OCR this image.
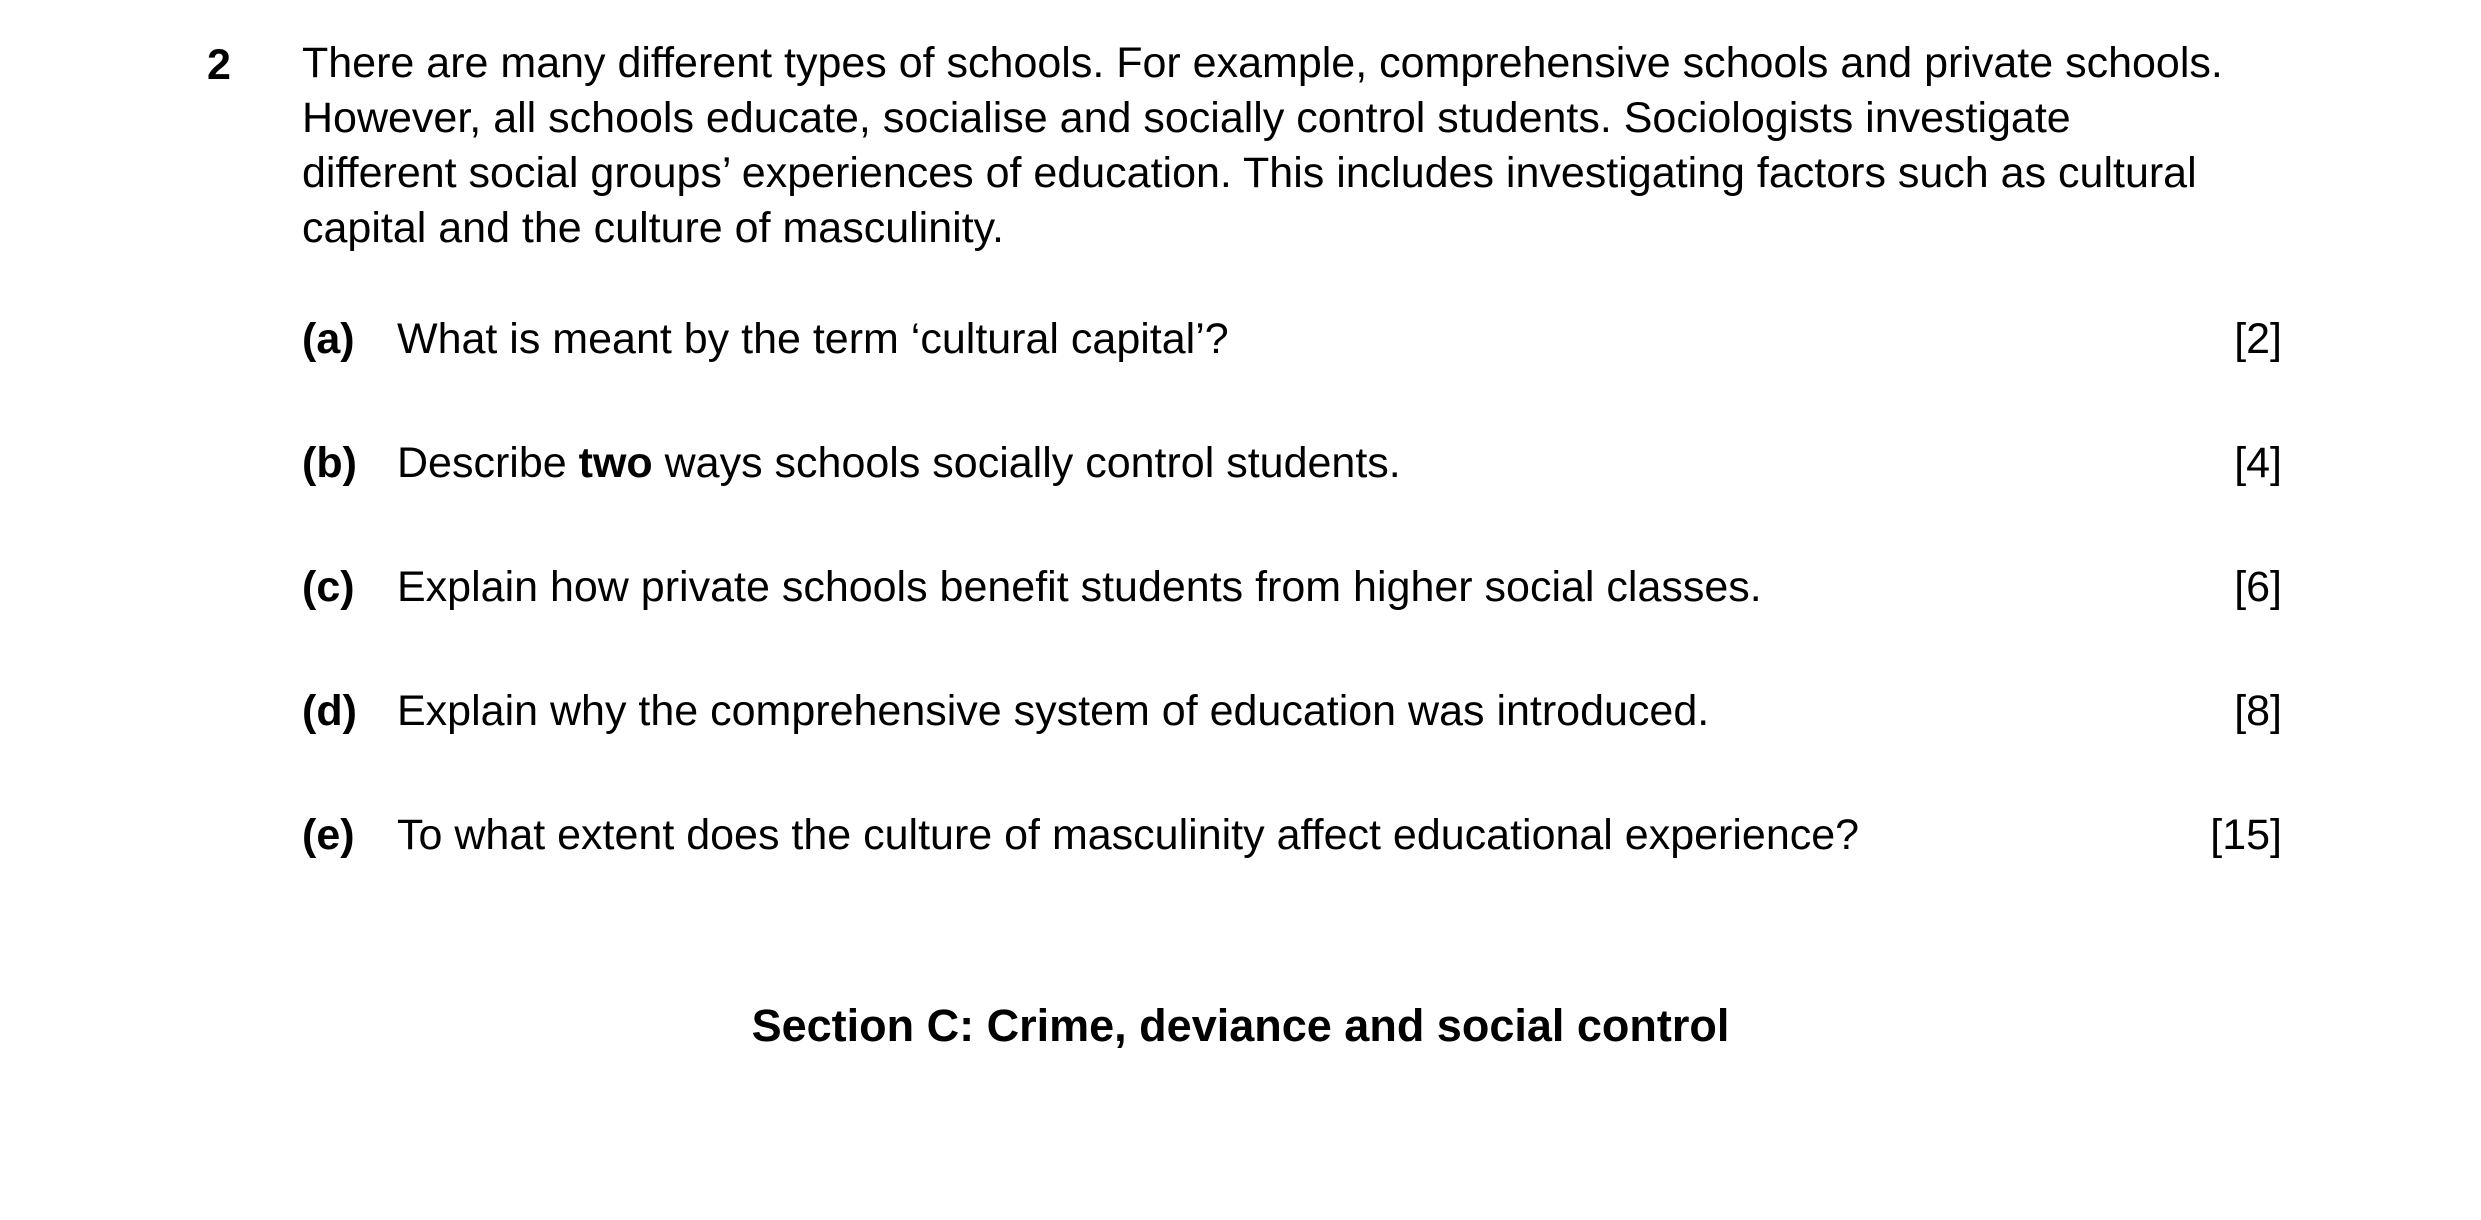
2 There are many different types of schools. For example, comprehensive schools and private schools.
However, all schools educate, socialise and socially control students. Sociologists investigate
different social groups’ experiences of education. This includes investigating factors such as cultural
capital and the culture of masculinity.

(a) What is meant by the term ‘cultural capital’?	[2]
(b) Describe two ways schools socially control students.	[4]
(c) Explain how private schools benefit students from higher social classes.	[6]
(d) Explain why the comprehensive system of education was introduced.	[8]
(e) To what extent does the culture of masculinity affect educational experience?	[15]
Section C: Crime, deviance and social control
